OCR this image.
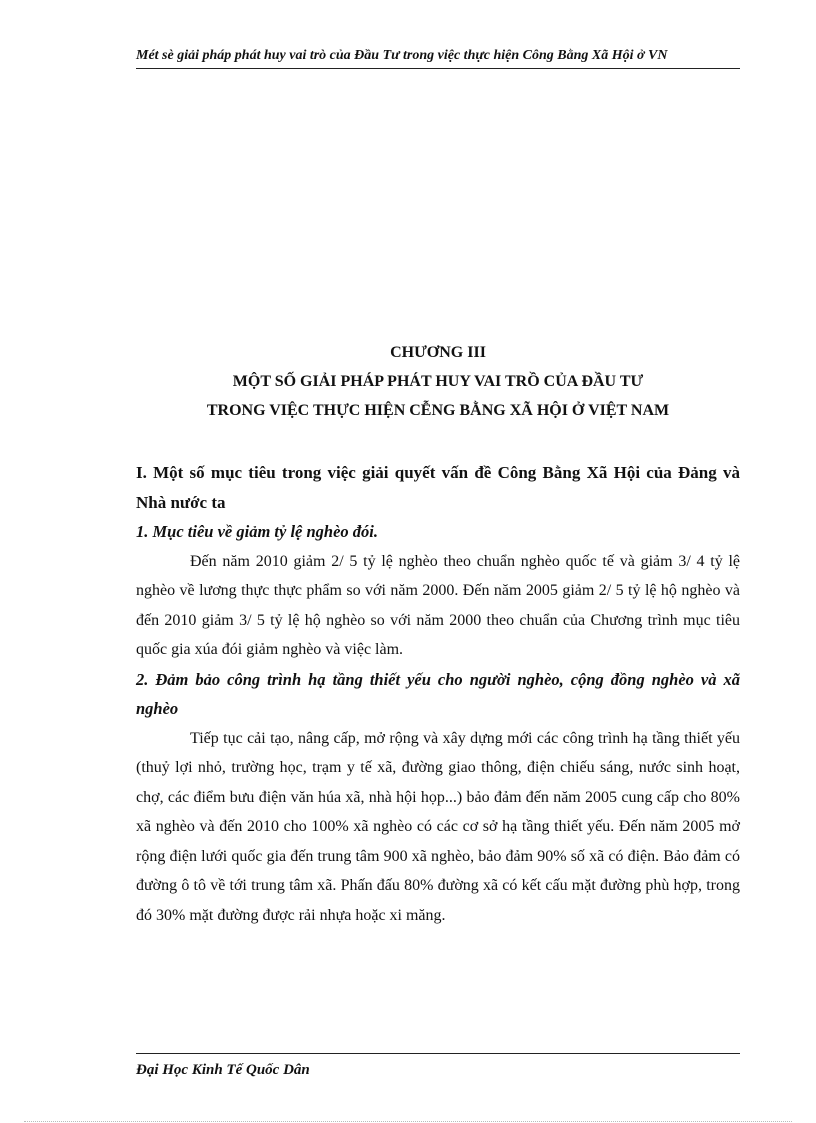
Mét sè giải pháp phát huy vai trò của Đầu Tư trong việc thực hiện Công Bằng Xã Hội ở VN
CHƯƠNG III
MỘT SỐ GIẢI PHÁP PHÁT HUY VAI TRỒ CỦA ĐẦU TƯ
TRONG VIỆC THỰC HIỆN CỄNG BẰNG XÃ HỘI Ở VIỆT NAM

I. Một số mục tiêu trong việc giải quyết vấn đề Công Bằng Xã Hội của Đảng và Nhà nước ta

1. Mục tiêu về giảm tỷ lệ nghèo đói.

Đến năm 2010 giảm 2/ 5 tỷ lệ nghèo theo chuẩn nghèo quốc tế và giảm 3/ 4 tỷ lệ nghèo về lương thực thực phẩm so với năm 2000. Đến năm 2005 giảm 2/ 5 tỷ lệ hộ nghèo và đến 2010 giảm 3/ 5 tỷ lệ hộ nghèo so với năm 2000 theo chuẩn của Chương trình mục tiêu quốc gia xúa đói giảm nghèo và việc làm.

2. Đảm bảo công trình hạ tầng thiết yếu cho người nghèo, cộng đồng nghèo và xã nghèo

Tiếp tục cải tạo, nâng cấp, mở rộng và xây dựng mới các công trình hạ tầng thiết yếu (thuỷ lợi nhỏ, trường học, trạm y tế xã, đường giao thông, điện chiếu sáng, nước sinh hoạt, chợ, các điểm bưu điện văn húa xã, nhà hội họp...) bảo đảm đến năm 2005 cung cấp cho 80% xã nghèo và đến 2010 cho 100% xã nghèo có các cơ sở hạ tầng thiết yếu. Đến năm 2005 mở rộng điện lưới quốc gia đến trung tâm 900 xã nghèo, bảo đảm 90% số xã có điện. Bảo đảm có đường ô tô về tới trung tâm xã. Phấn đấu 80% đường xã có kết cấu mặt đường phù hợp, trong đó 30% mặt đường được rải nhựa hoặc xi măng.

Đại Học Kinh Tế Quốc Dân
